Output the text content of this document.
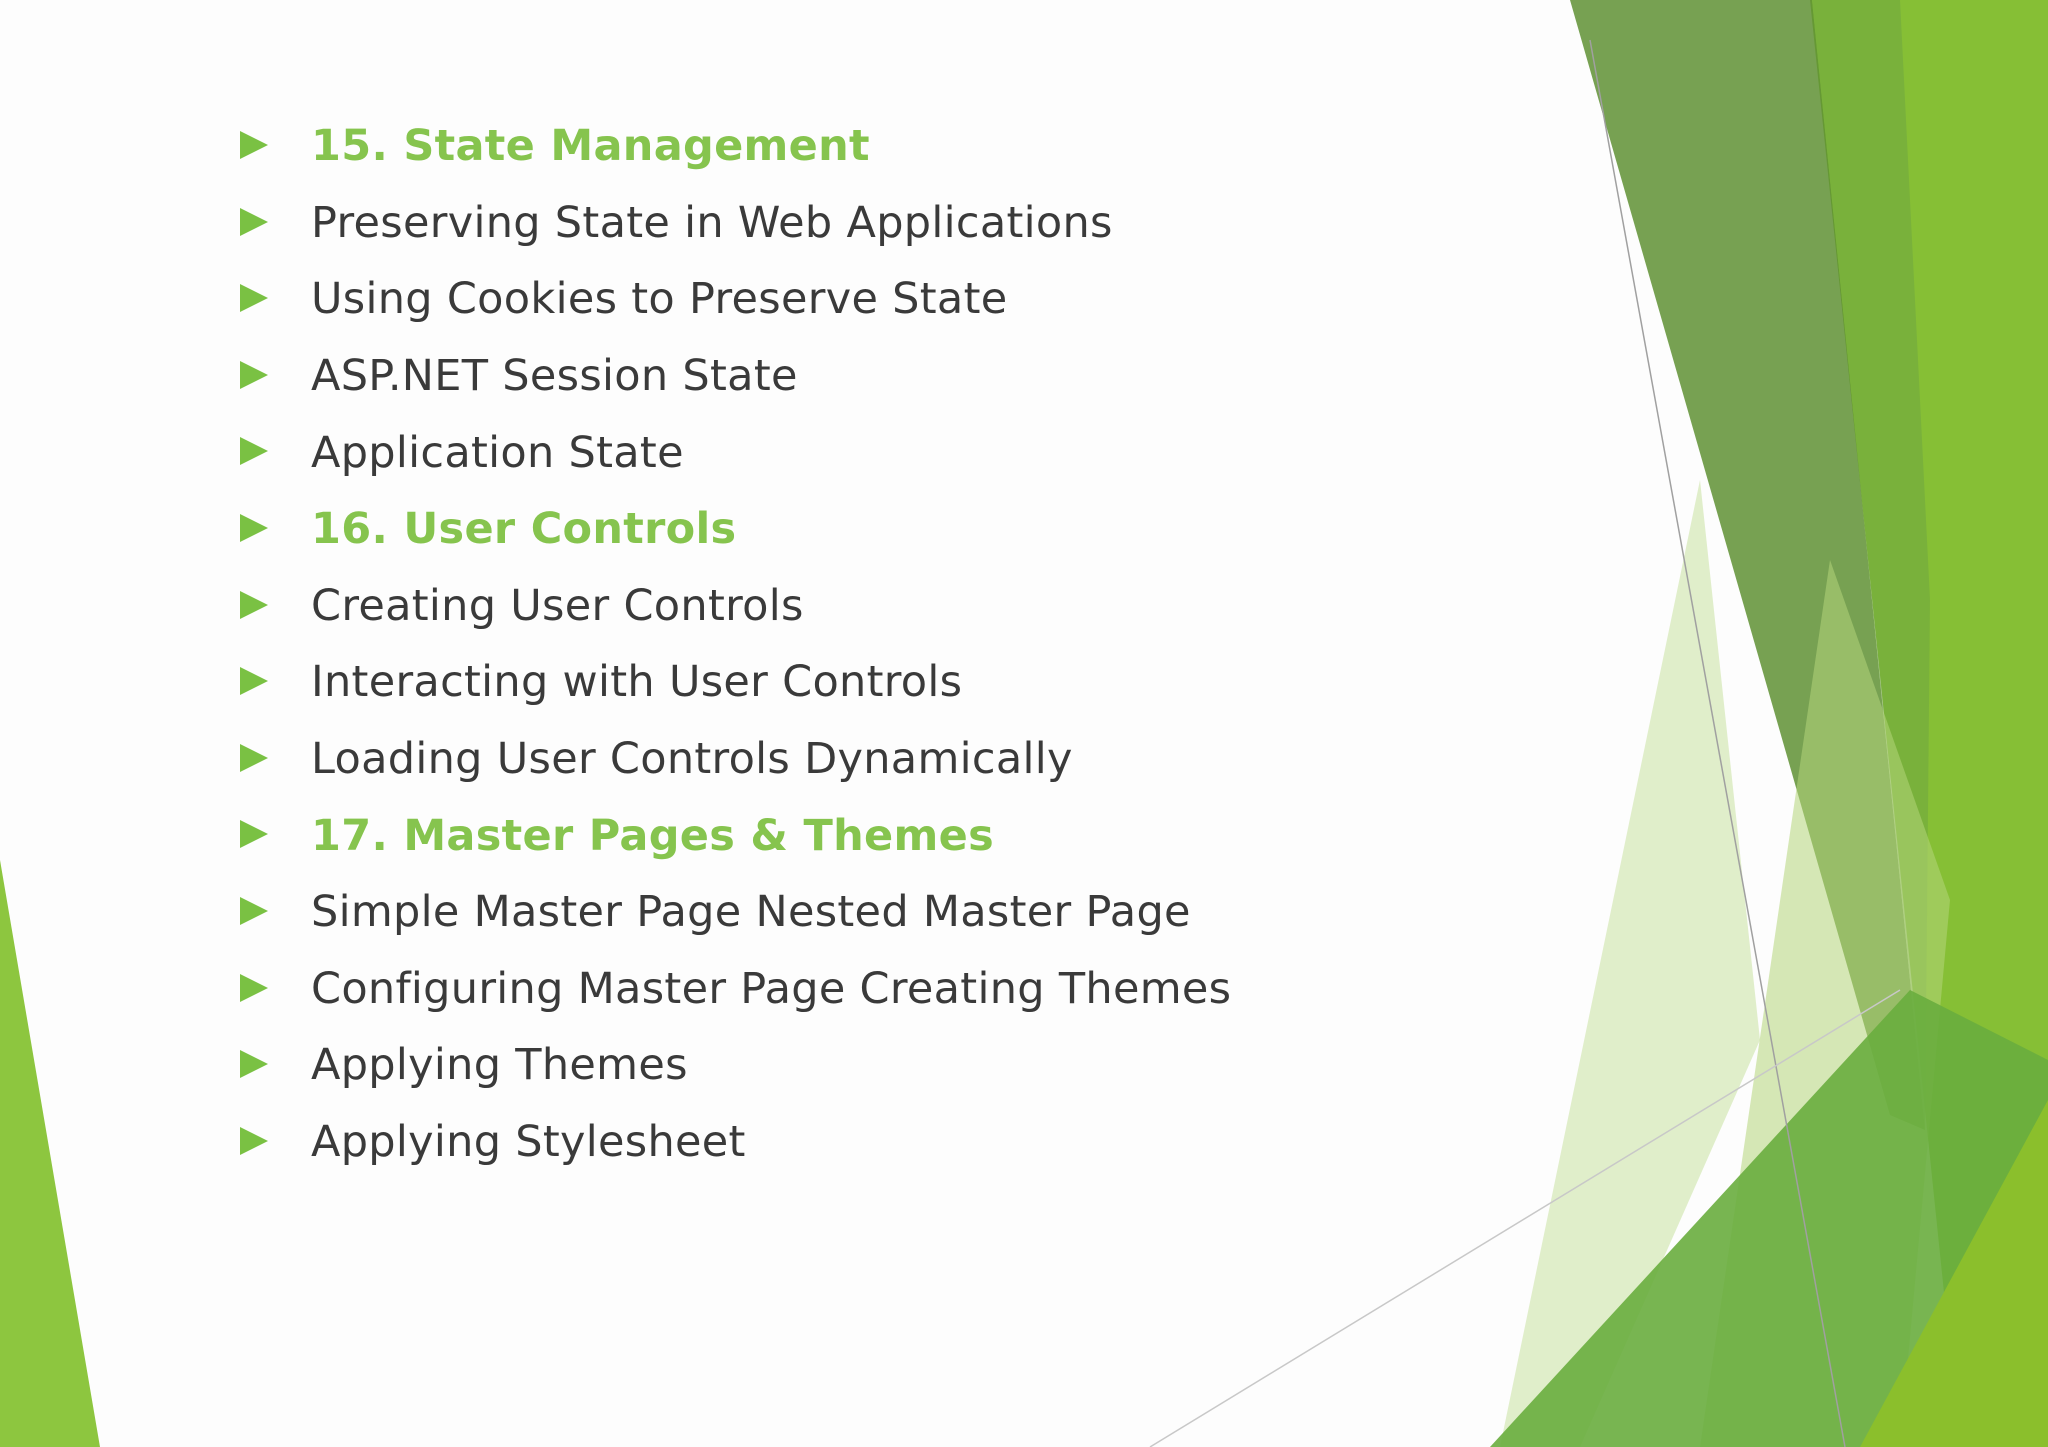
15. State Management
Preserving State in Web Applications
Using Cookies to Preserve State
ASP.NET Session State
Application State
16. User Controls
Creating User Controls
Interacting with User Controls
Loading User Controls Dynamically
17. Master Pages & Themes
Simple Master Page Nested Master Page
Configuring Master Page Creating Themes
Applying Themes
Applying Stylesheet
